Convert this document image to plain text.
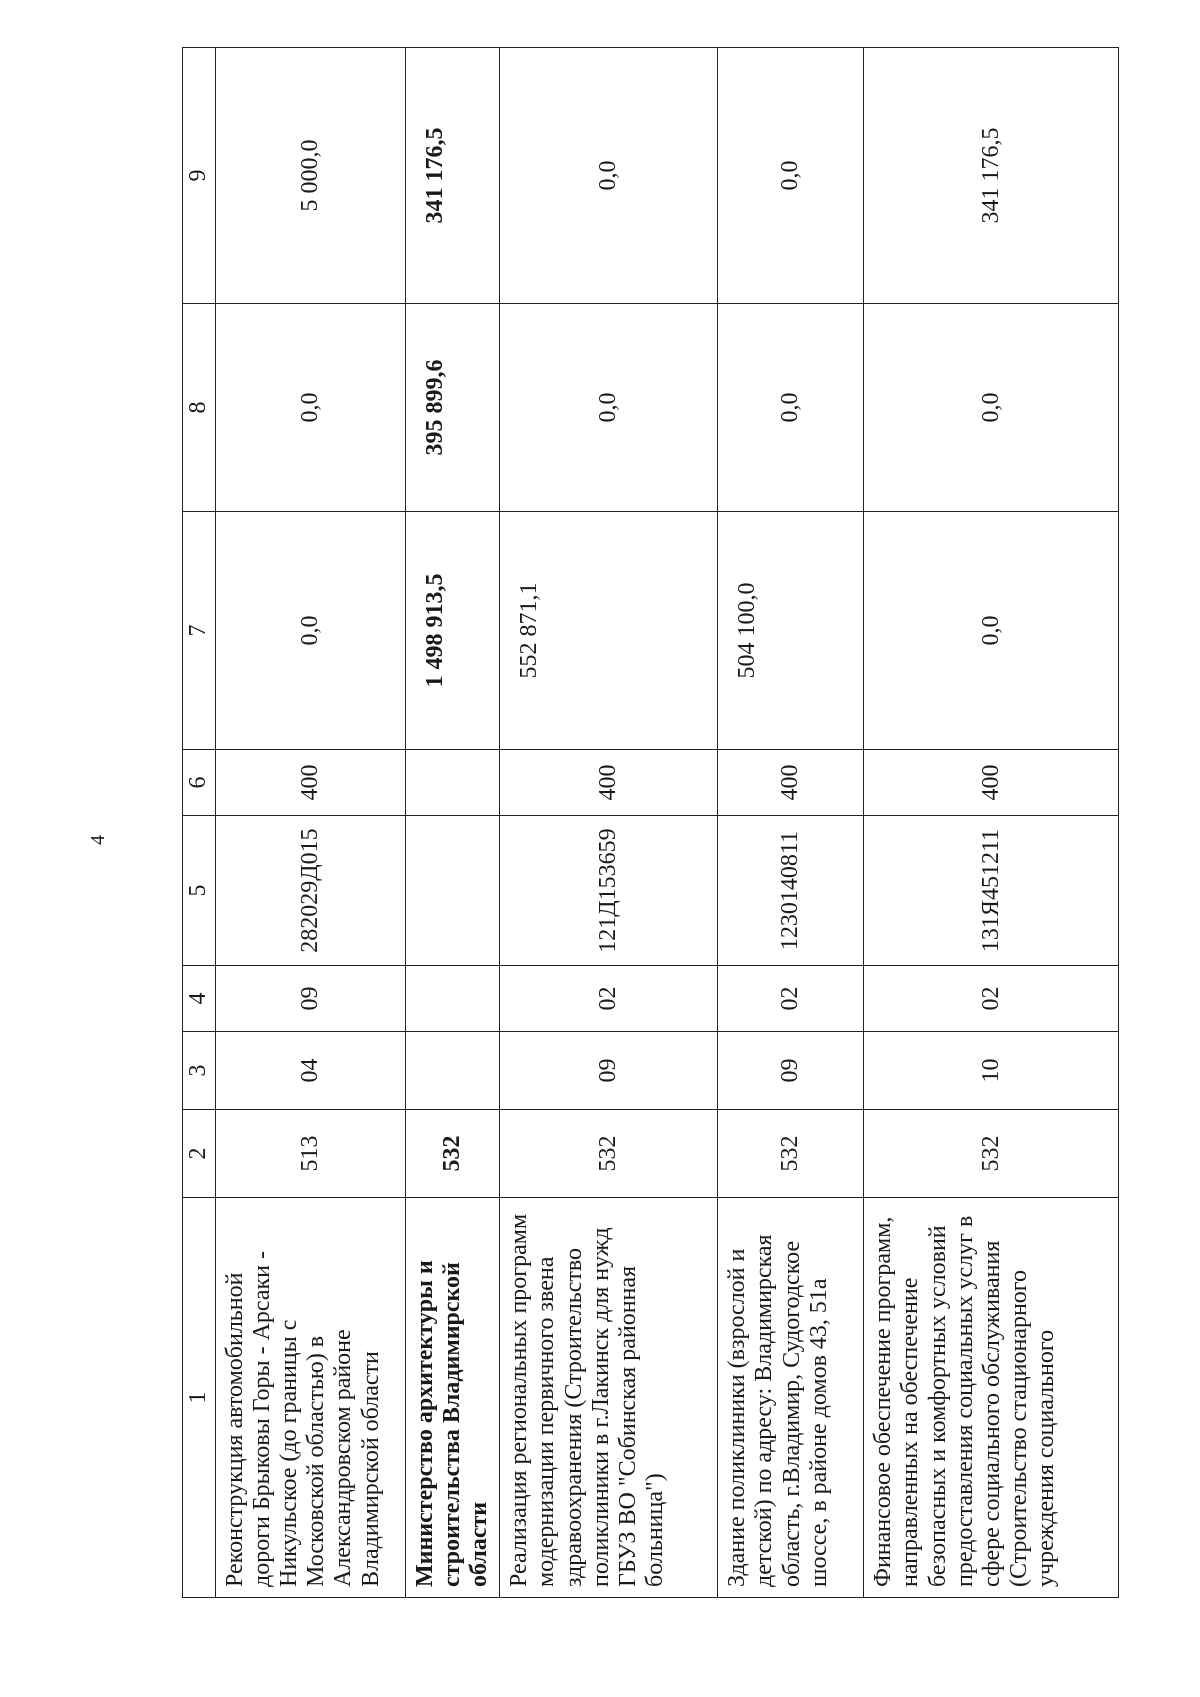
4
1	2	3	4	5	6	7	8	9
Реконструкция автомобильной дороги Брыковы Горы - Арсаки - Никульское (до границы с Московской областью) в Александровском районе Владимирской области	513	04	09	282029Д015	400	0,0	0,0	5 000,0
Министерство архитектуры и строительства Владимирской области	532					1 498 913,5	395 899,6	341 176,5
Реализация региональных программ модернизации первичного звена здравоохранения (Строительство поликлиники в г.Лакинск для нужд ГБУЗ ВО "Собинская районная больница")	532	09	02	121Д153659	400	552 871,1	0,0	0,0
Здание поликлиники (взрослой и детской) по адресу: Владимирская область, г.Владимир, Судогодское шоссе, в районе домов 43, 51а	532	09	02	1230140811	400	504 100,0	0,0	0,0
Финансовое обеспечение программ, направленных на обеспечение безопасных и комфортных условий предоставления социальных услуг в сфере социального обслуживания (Строительство стационарного учреждения социального	532	10	02	131Я451211	400	0,0	0,0	341 176,5
